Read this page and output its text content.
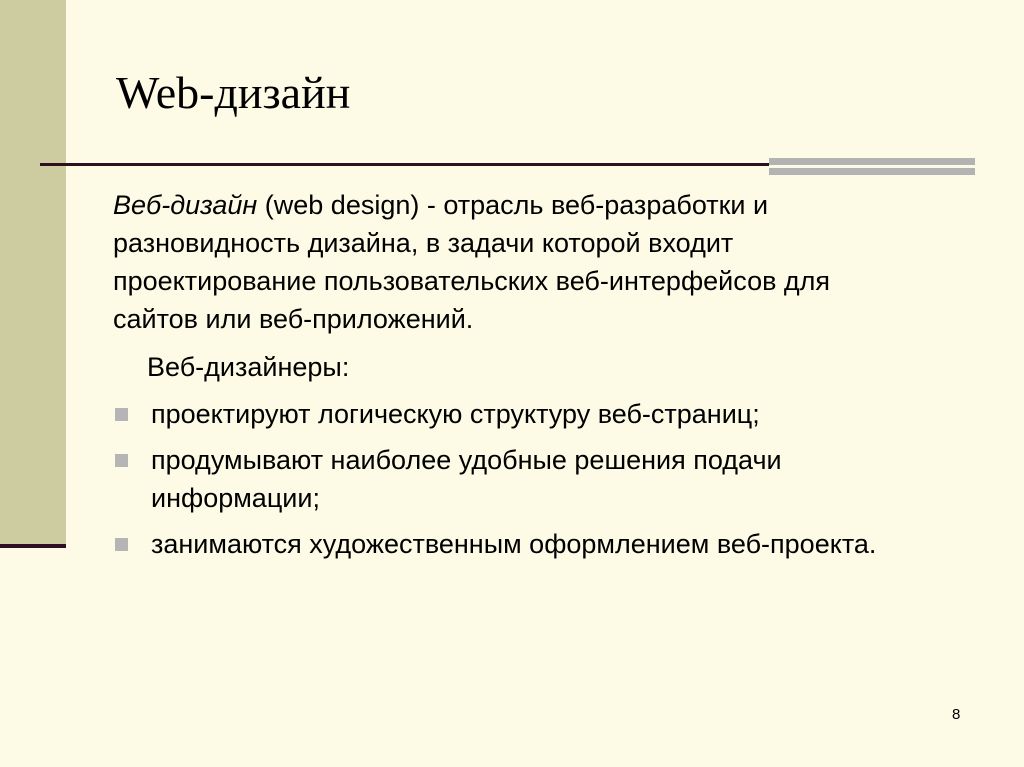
Web-дизайн

Веб-дизайн (web design) - отрасль веб-разработки и разновидность дизайна, в задачи которой входит проектирование пользовательских веб-интерфейсов для сайтов или веб-приложений.

Веб-дизайнеры:

проектируют логическую структуру веб-страниц;
продумывают наиболее удобные решения подачи информации;
занимаются художественным оформлением веб-проекта.
8
